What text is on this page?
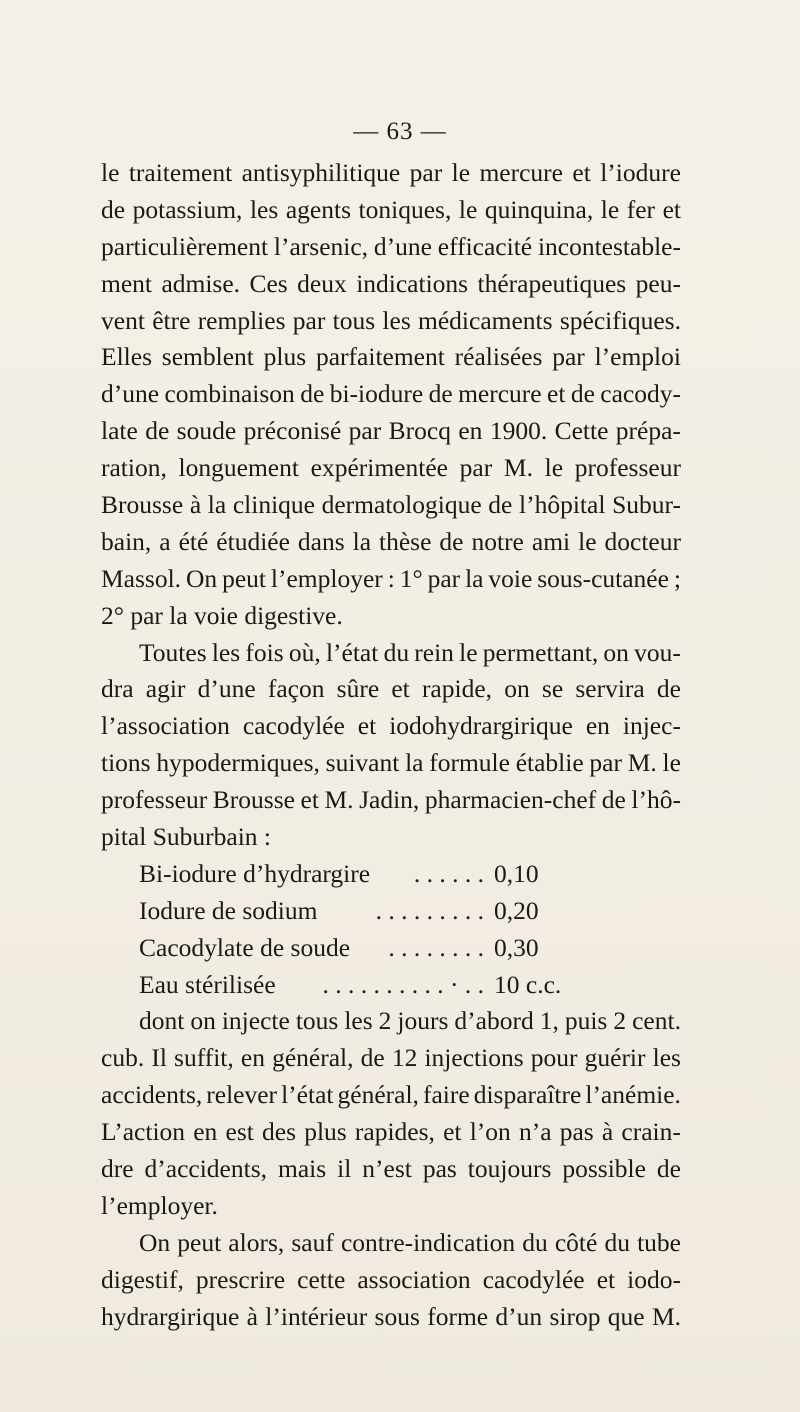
— 63 —
le traitement antisyphilitique par le mercure et l’iodure
de potassium, les agents toniques, le quinquina, le fer et
particulièrement l’arsenic, d’une efficacité incontestable-
ment admise. Ces deux indications thérapeutiques peu-
vent être remplies par tous les médicaments spécifiques.
Elles semblent plus parfaitement réalisées par l’emploi
d’une combinaison de bi-iodure de mercure et de cacody-
late de soude préconisé par Brocq en 1900. Cette prépa-
ration, longuement expérimentée par M. le professeur
Brousse à la clinique dermatologique de l’hôpital Subur-
bain, a été étudiée dans la thèse de notre ami le docteur
Massol. On peut l’employer : 1° par la voie sous-cutanée ;
2° par la voie digestive.
Toutes les fois où, l’état du rein le permettant, on vou-
dra agir d’une façon sûre et rapide, on se servira de
l’association cacodylée et iodohydrargirique en injec-
tions hypodermiques, suivant la formule établie par M. le
professeur Brousse et M. Jadin, pharmacien-chef de l’hô-
pital Suburbain :
Bi-iodure d’hydrargire . . . . . . 0,10
Iodure de sodium . . . . . . . . . 0,20
Cacodylate de soude . . . . . . . . 0,30
Eau stérilisée . . . . . . . . . . · . . 10 c.c.
dont on injecte tous les 2 jours d’abord 1, puis 2 cent.
cub. Il suffit, en général, de 12 injections pour guérir les
accidents, relever l’état général, faire disparaître l’anémie.
L’action en est des plus rapides, et l’on n’a pas à crain-
dre d’accidents, mais il n’est pas toujours possible de
l’employer.
On peut alors, sauf contre-indication du côté du tube
digestif, prescrire cette association cacodylée et iodo-
hydrargirique à l’intérieur sous forme d’un sirop que M.
